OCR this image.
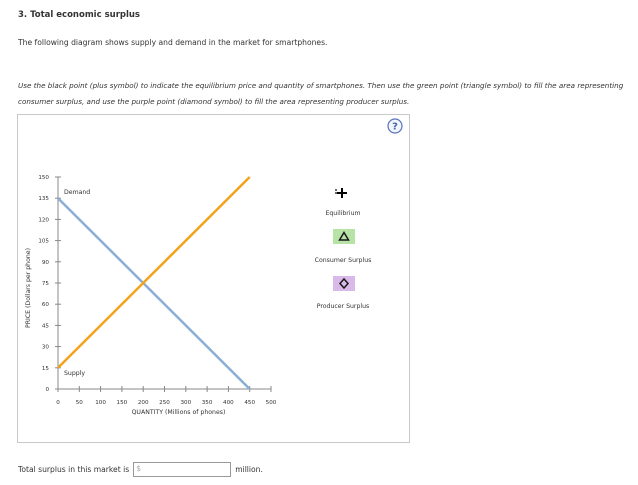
3. Total economic surplus
The following diagram shows supply and demand in the market for smartphones.
Use the black point (plus symbol) to indicate the equilibrium price and quantity of smartphones. Then use the green point (triangle symbol) to fill the area representing consumer surplus, and use the purple point (diamond symbol) to fill the area representing producer surplus.
?
0
15
30
45
60
75
90
105
120
135
150
0	50 100 150 200 250 300 350 400 450 500
QUANTITY (Millions of phones)
PRICE (Dollars per phone)
Demand
Supply
Equilibrium
Consumer Surplus
Producer Surplus
Total surplus in this market is $	million.
